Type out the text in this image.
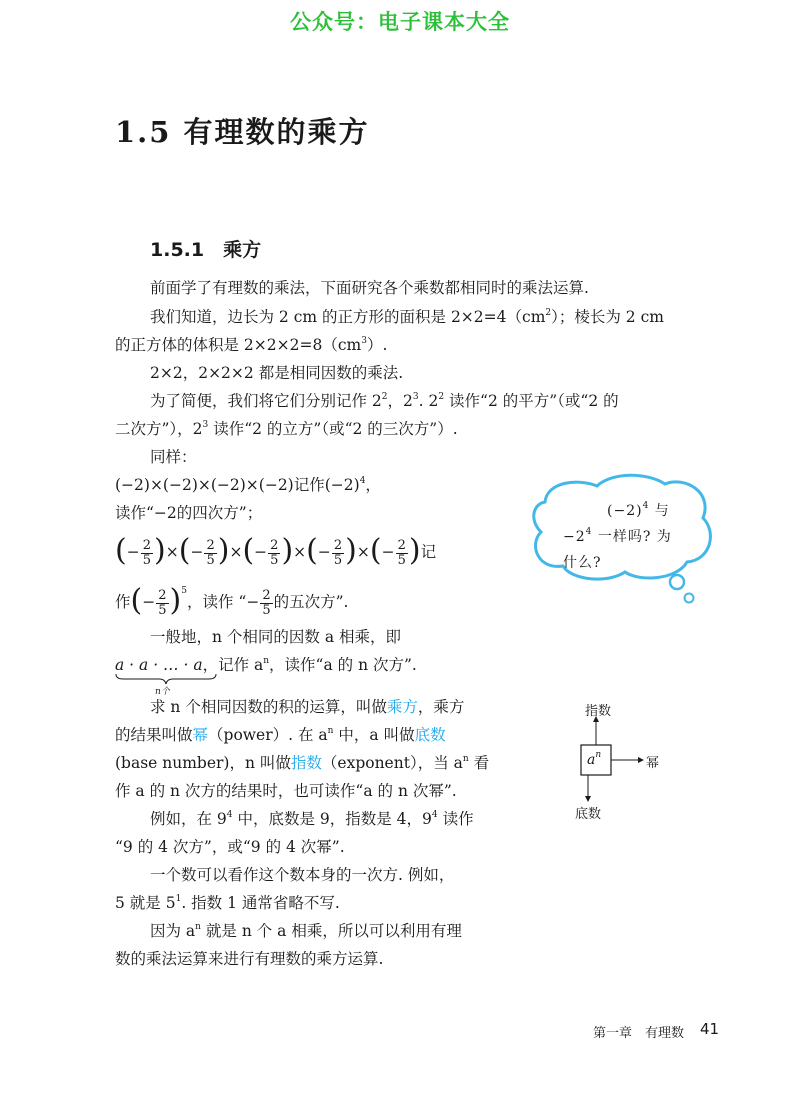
公众号：电子课本大全
1.5 有理数的乘方
1.5.1　乘方
前面学了有理数的乘法，下面研究各个乘数都相同时的乘法运算.
我们知道，边长为 2 cm 的正方形的面积是 $2\times 2=4(cm^2)$；棱长为 2 cm
的正方体的体积是 $2\times 2\times 2=8(cm^3)$.
2×2，2×2×2 都是相同因数的乘法.
为了简便，我们将它们分别记作 $2^2$，$2^3$. $2^2$ 读作“2 的平方”（或“2 的
二次方”），$2^3$ 读作“2 的立方”（或“2 的三次方”）.
同样：
(−2)×(−2)×(−2)×(−2)记作$(-2)^4$，
读作“−2的四次方”；
(− $\frac{2}{5}$ )×(− $\frac{2}{5}$ )×(− $\frac{2}{5}$ )×(− $\frac{2}{5}$ )×(− $\frac{2}{5}$ )记
作(− $\frac{2}{5} )^5$，读作 “− $\frac{2}{5}$ 的五次方”.
一般地，n 个相同的因数 a 相乘，即
a · a · … · a，记作 $a^n$，读作“a 的 n 次方”.
n个
求 n 个相同因数的积的运算，叫做乘方，乘方
的结果叫做幂（power）. 在 $a^n$ 中，a 叫做底数
(base number)，n 叫做指数（exponent），当 $a^n$ 看
作 a 的 n 次方的结果时，也可读作“a 的 n 次幂”.
例如，在 $9^4$ 中，底数是 9，指数是 4，$9^4$ 读作
“9 的 4 次方”，或“9 的 4 次幂”.
一个数可以看作这个数本身的一次方. 例如，
5 就是 $5^1$. 指数 1 通常省略不写.
因为 $a^n$ 就是 n 个 a 相乘，所以可以利用有理
数的乘法运算来进行有理数的乘方运算.
$(-2)^4$ 与
$-2^4$ 一样吗? 为
什么?
$a^n$
指数
幂
底数
第一章　有理数 41
